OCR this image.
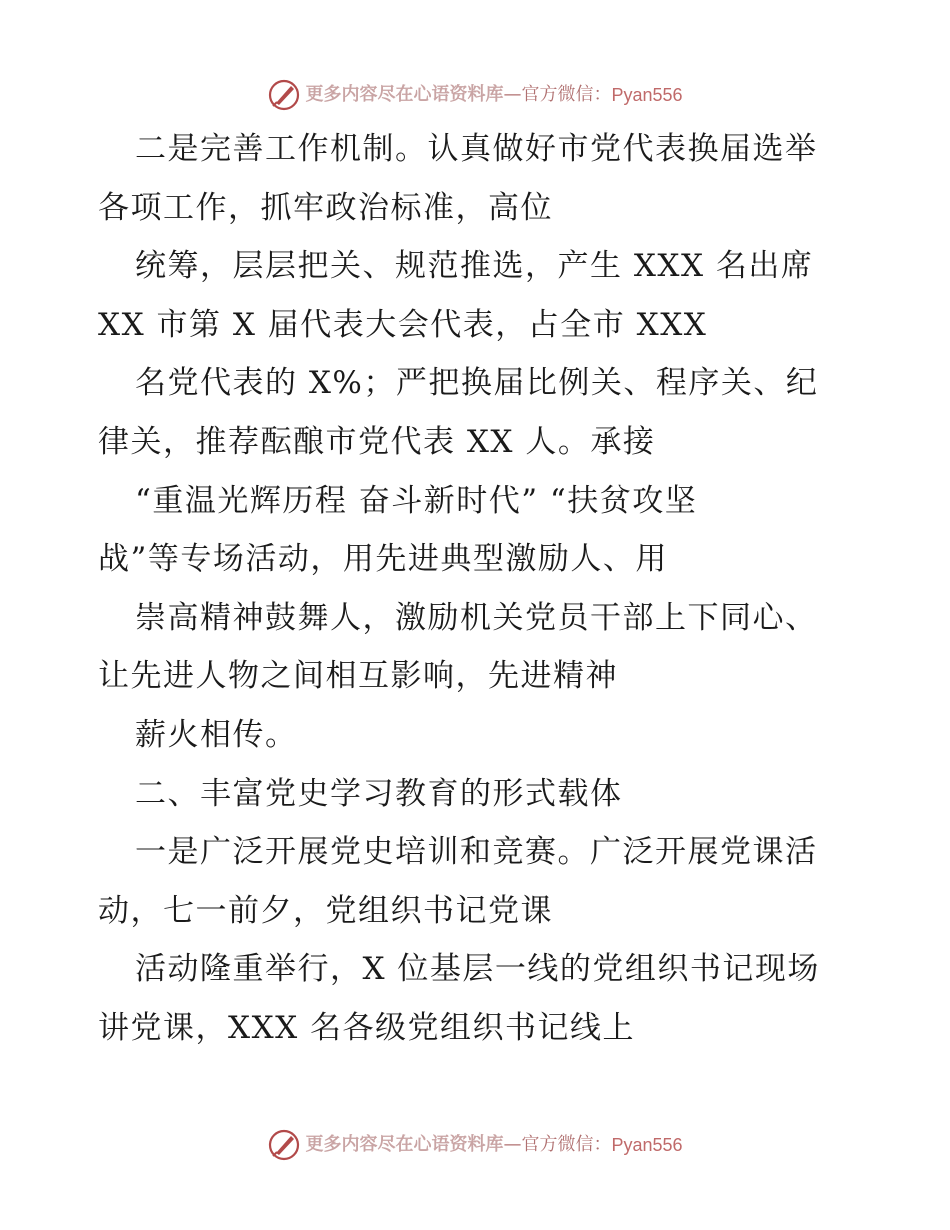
更多内容尽在心语资料库 — 官方微信： Pyan556
二是完善工作机制。认真做好市党代表换届选举
各项工作，抓牢政治标准，高位
统筹，层层把关、规范推选，产生 XXX 名出席
XX 市第 X 届代表大会代表，占全市 XXX
名党代表的 X%；严把换届比例关、程序关、纪
律关，推荐酝酿市党代表 XX 人。承接
“重温光辉历程 奋斗新时代” “扶贫攻坚
战”等专场活动，用先进典型激励人、用
崇高精神鼓舞人，激励机关党员干部上下同心、
让先进人物之间相互影响，先进精神
薪火相传。
二、丰富党史学习教育的形式载体
一是广泛开展党史培训和竞赛。广泛开展党课活
动，七一前夕，党组织书记党课
活动隆重举行，X 位基层一线的党组织书记现场
讲党课，XXX 名各级党组织书记线上
更多内容尽在心语资料库 — 官方微信： Pyan556
